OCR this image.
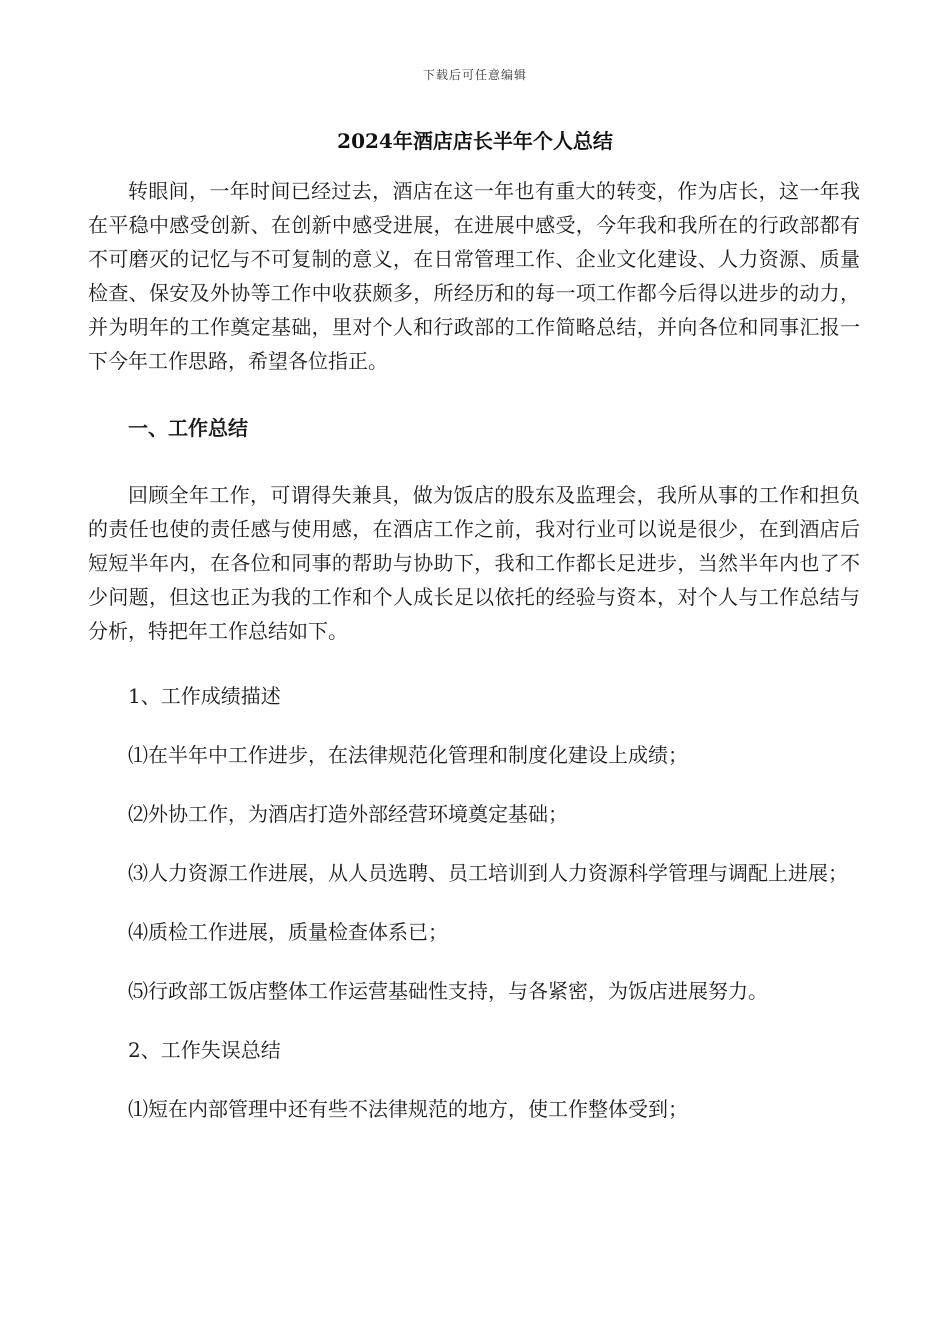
下载后可任意编辑
2024年酒店店长半年个人总结

转眼间，一年时间已经过去，酒店在这一年也有重大的转变，作为店长，这一年我在平稳中感受创新、在创新中感受进展，在进展中感受，今年我和我所在的行政部都有不可磨灭的记忆与不可复制的意义，在日常管理工作、企业文化建设、人力资源、质量检查、保安及外协等工作中收获颇多，所经历和的每一项工作都今后得以进步的动力，并为明年的工作奠定基础，里对个人和行政部的工作简略总结，并向各位和同事汇报一下今年工作思路，希望各位指正。

一、工作总结

回顾全年工作，可谓得失兼具，做为饭店的股东及监理会，我所从事的工作和担负的责任也使的责任感与使用感，在酒店工作之前，我对行业可以说是很少，在到酒店后短短半年内，在各位和同事的帮助与协助下，我和工作都长足进步，当然半年内也了不少问题，但这也正为我的工作和个人成长足以依托的经验与资本，对个人与工作总结与分析，特把年工作总结如下。

1、工作成绩描述

⑴在半年中工作进步，在法律规范化管理和制度化建设上成绩；

⑵外协工作，为酒店打造外部经营环境奠定基础；

⑶人力资源工作进展，从人员选聘、员工培训到人力资源科学管理与调配上进展；

⑷质检工作进展，质量检查体系已；

⑸行政部工饭店整体工作运营基础性支持，与各紧密，为饭店进展努力。

2、工作失误总结

⑴短在内部管理中还有些不法律规范的地方，使工作整体受到；
